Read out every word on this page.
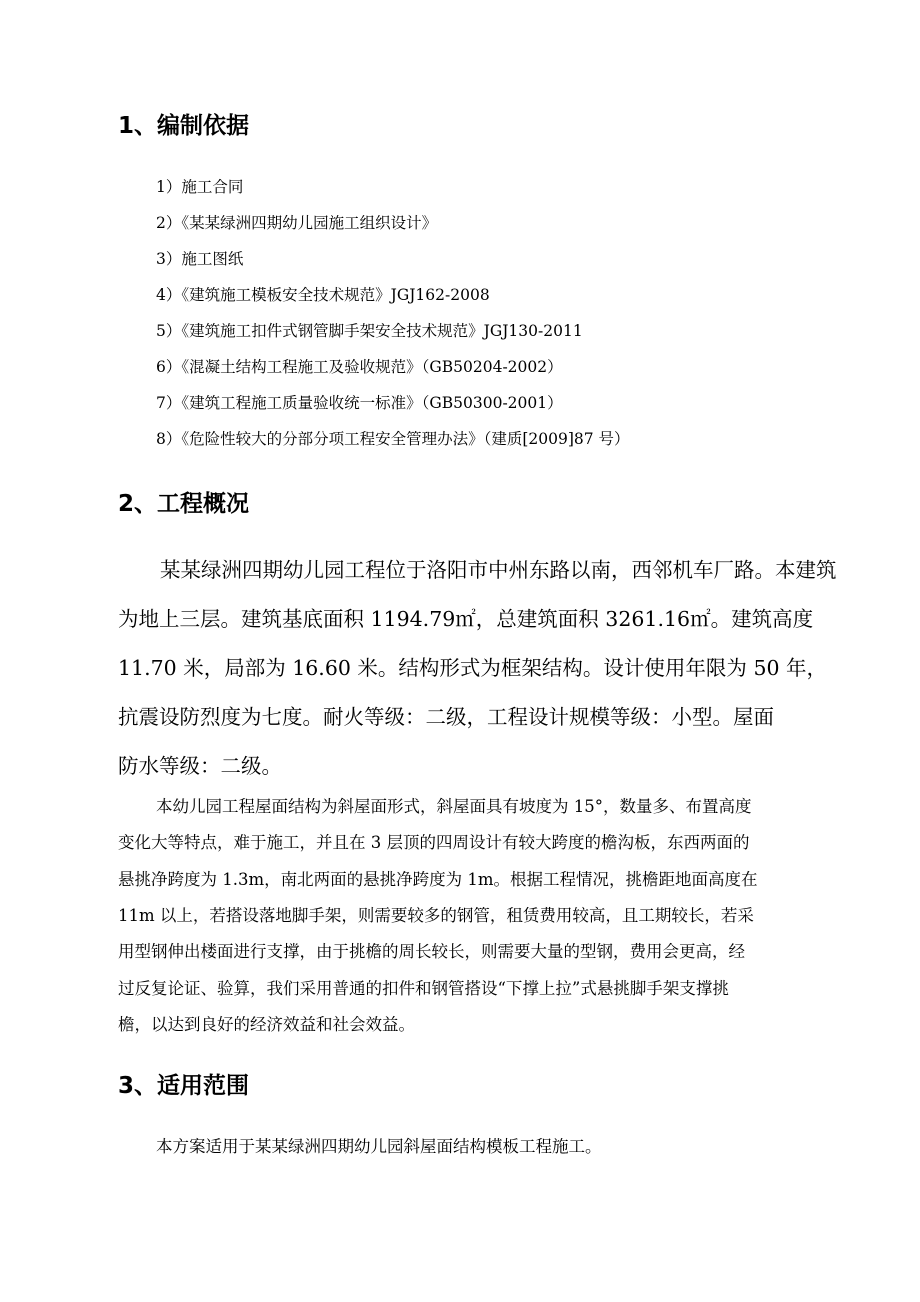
1、编制依据
1）施工合同
2）《某某绿洲四期幼儿园施工组织设计》
3）施工图纸
4）《建筑施工模板安全技术规范》JGJ162-2008
5）《建筑施工扣件式钢管脚手架安全技术规范》JGJ130-2011
6）《混凝土结构工程施工及验收规范》（GB50204-2002）
7）《建筑工程施工质量验收统一标准》（GB50300-2001）
8）《危险性较大的分部分项工程安全管理办法》（建质[2009]87 号）
2、工程概况
某某绿洲四期幼儿园工程位于洛阳市中州东路以南，西邻机车厂路。本建筑
为地上三层。建筑基底面积 1194.79㎡，总建筑面积 3261.16㎡。建筑高度
11.70 米，局部为 16.60 米。结构形式为框架结构。设计使用年限为 50 年，
抗震设防烈度为七度。耐火等级：二级，工程设计规模等级：小型。屋面
防水等级：二级。
本幼儿园工程屋面结构为斜屋面形式，斜屋面具有坡度为 15°，数量多、布置高度
变化大等特点，难于施工，并且在 3 层顶的四周设计有较大跨度的檐沟板，东西两面的
悬挑净跨度为 1.3m，南北两面的悬挑净跨度为 1m。根据工程情况，挑檐距地面高度在
11m 以上，若搭设落地脚手架，则需要较多的钢管，租赁费用较高，且工期较长，若采
用型钢伸出楼面进行支撑，由于挑檐的周长较长，则需要大量的型钢，费用会更高，经
过反复论证、验算，我们采用普通的扣件和钢管搭设“下撑上拉”式悬挑脚手架支撑挑
檐，以达到良好的经济效益和社会效益。
3、适用范围
本方案适用于某某绿洲四期幼儿园斜屋面结构模板工程施工。
